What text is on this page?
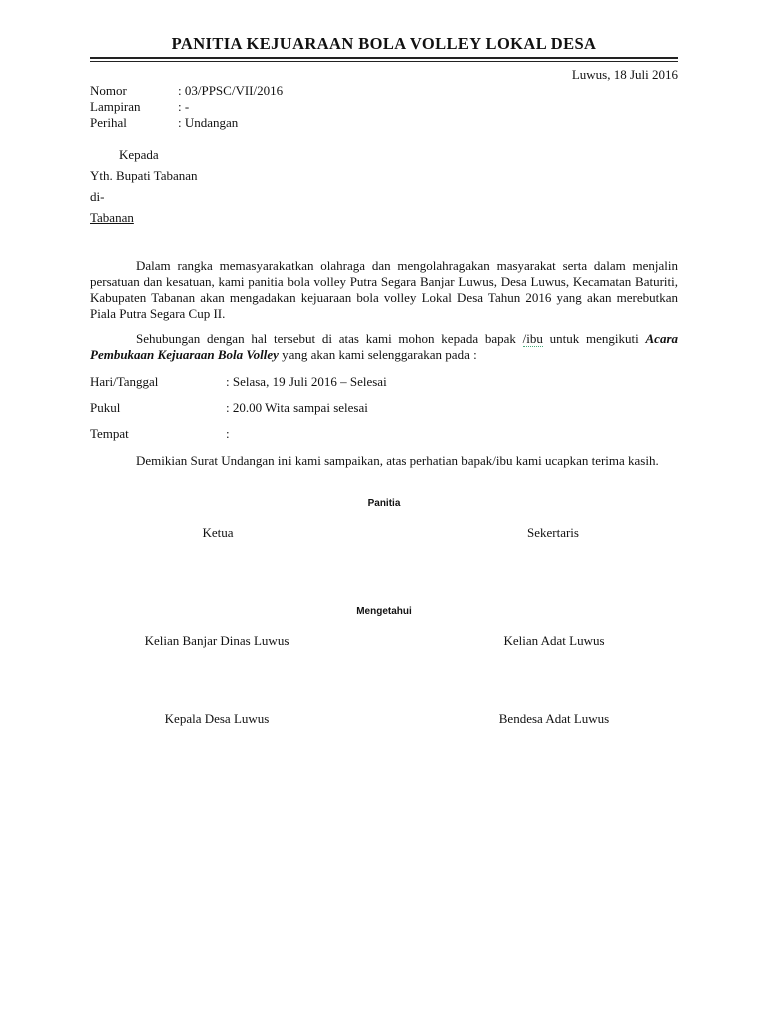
PANITIA KEJUARAAN BOLA VOLLEY LOKAL DESA
Luwus, 18 Juli 2016
Nomor	: 03/PPSC/VII/2016
Lampiran	: -
Perihal	: Undangan
Kepada
Yth. Bupati Tabanan
di-
Tabanan
Dalam rangka memasyarakatkan olahraga dan mengolahragakan masyarakat serta dalam menjalin persatuan dan kesatuan, kami panitia bola volley Putra Segara Banjar Luwus, Desa Luwus, Kecamatan Baturiti, Kabupaten Tabanan akan mengadakan kejuaraan bola volley Lokal Desa Tahun 2016 yang akan merebutkan Piala Putra Segara Cup II.
Sehubungan dengan hal tersebut di atas kami mohon kepada bapak /ibu untuk mengikuti Acara Pembukaan Kejuaraan Bola Volley yang akan kami selenggarakan pada :
Hari/Tanggal	: Selasa, 19 Juli 2016 – Selesai
Pukul	: 20.00 Wita sampai selesai
Tempat	:
Demikian Surat Undangan ini kami sampaikan, atas perhatian bapak/ibu kami ucapkan terima kasih.
Panitia
Ketua	Sekertaris
Mengetahui
Kelian Banjar Dinas Luwus	Kelian Adat Luwus
Kepala Desa Luwus	Bendesa Adat Luwus
